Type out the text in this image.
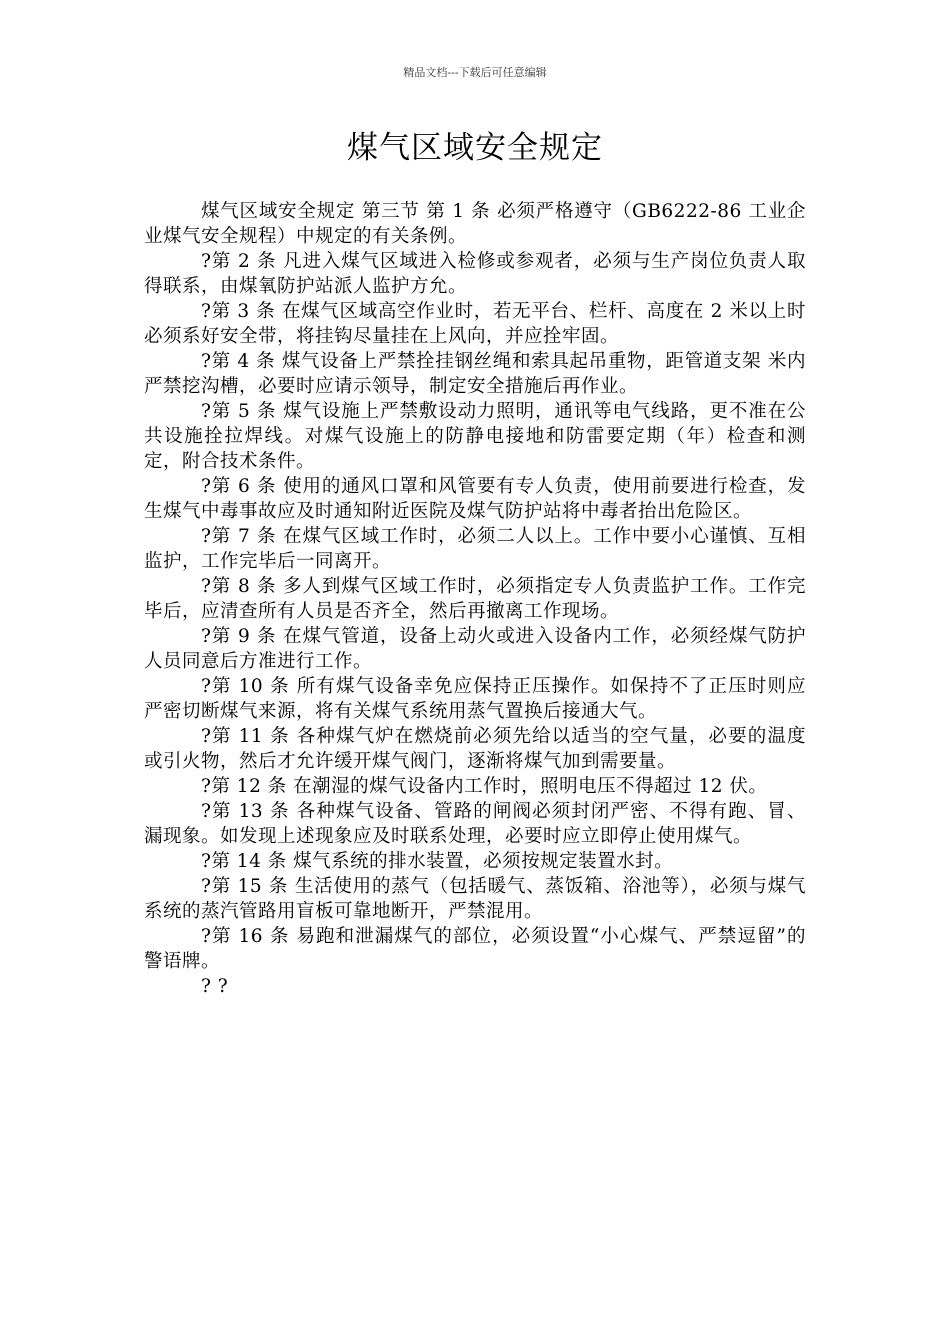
精品文档---下载后可任意编辑
煤气区域安全规定

煤气区域安全规定 第三节 第 1 条 必须严格遵守（GB6222-86 工业企业煤气安全规程）中规定的有关条例。

?第 2 条 凡进入煤气区域进入检修或参观者，必须与生产岗位负责人取得联系，由煤氧防护站派人监护方允。

?第 3 条 在煤气区域高空作业时，若无平台、栏杆、高度在 2 米以上时必须系好安全带，将挂钩尽量挂在上风向，并应拴牢固。

?第 4 条 煤气设备上严禁拴挂钢丝绳和索具起吊重物，距管道支架 米内严禁挖沟槽，必要时应请示领导，制定安全措施后再作业。

?第 5 条 煤气设施上严禁敷设动力照明，通讯等电气线路，更不准在公共设施拴拉焊线。对煤气设施上的防静电接地和防雷要定期（年）检查和测定，附合技术条件。

?第 6 条 使用的通风口罩和风管要有专人负责，使用前要进行检查，发生煤气中毒事故应及时通知附近医院及煤气防护站将中毒者抬出危险区。

?第 7 条 在煤气区域工作时，必须二人以上。工作中要小心谨慎、互相监护，工作完毕后一同离开。

?第 8 条 多人到煤气区域工作时，必须指定专人负责监护工作。工作完毕后，应清查所有人员是否齐全，然后再撤离工作现场。

?第 9 条 在煤气管道，设备上动火或进入设备内工作，必须经煤气防护人员同意后方准进行工作。

?第 10 条 所有煤气设备幸免应保持正压操作。如保持不了正压时则应严密切断煤气来源，将有关煤气系统用蒸气置换后接通大气。

?第 11 条 各种煤气炉在燃烧前必须先给以适当的空气量，必要的温度或引火物，然后才允许缓开煤气阀门，逐渐将煤气加到需要量。

?第 12 条 在潮湿的煤气设备内工作时，照明电压不得超过 12 伏。

?第 13 条 各种煤气设备、管路的闸阀必须封闭严密、不得有跑、冒、漏现象。如发现上述现象应及时联系处理，必要时应立即停止使用煤气。

?第 14 条 煤气系统的排水装置，必须按规定装置水封。

?第 15 条 生活使用的蒸气（包括暖气、蒸饭箱、浴池等），必须与煤气系统的蒸汽管路用盲板可靠地断开，严禁混用。

?第 16 条 易跑和泄漏煤气的部位，必须设置“小心煤气、严禁逗留”的警语牌。

? ?
